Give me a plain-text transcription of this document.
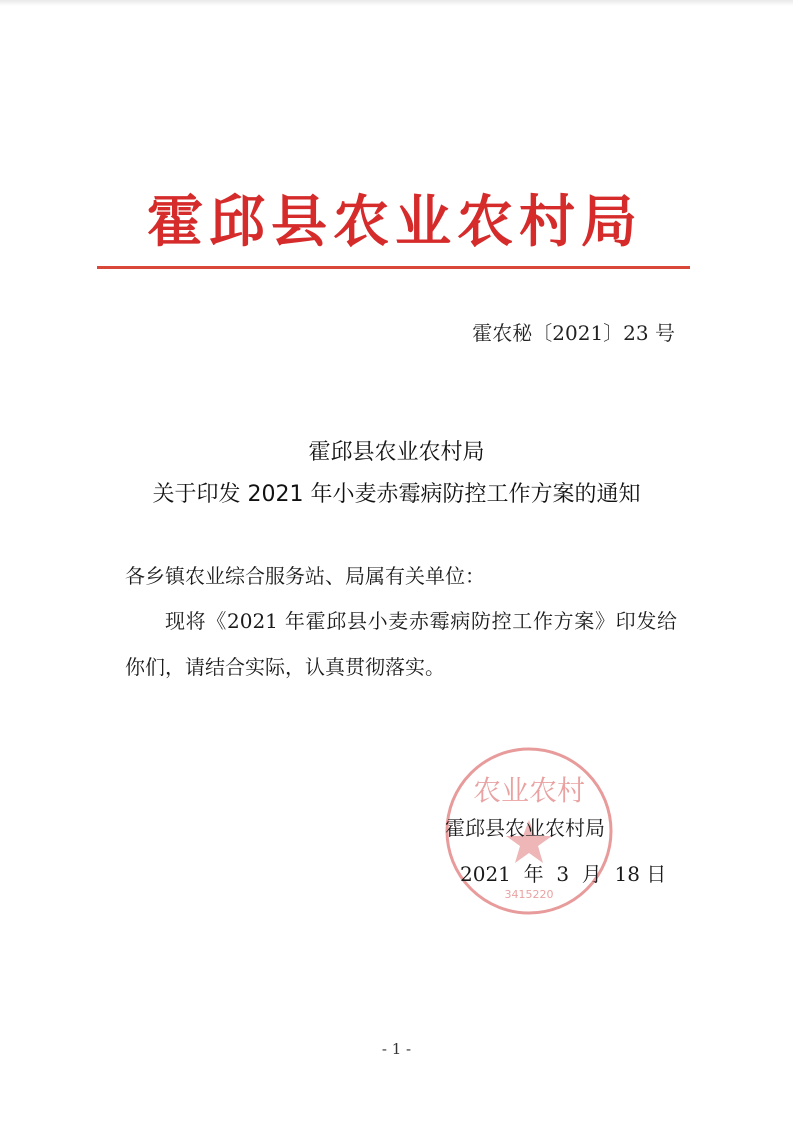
霍邱县农业农村局
霍农秘〔2021〕23 号
霍邱县农业农村局
关于印发 2021 年小麦赤霉病防控工作方案的通知
各乡镇农业综合服务站、局属有关单位：
现将《2021 年霍邱县小麦赤霉病防控工作方案》印发给你们，请结合实际，认真贯彻落实。
农业农村
3415220
霍邱县农业农村局
2021  年  3  月  18 日
- 1 -
